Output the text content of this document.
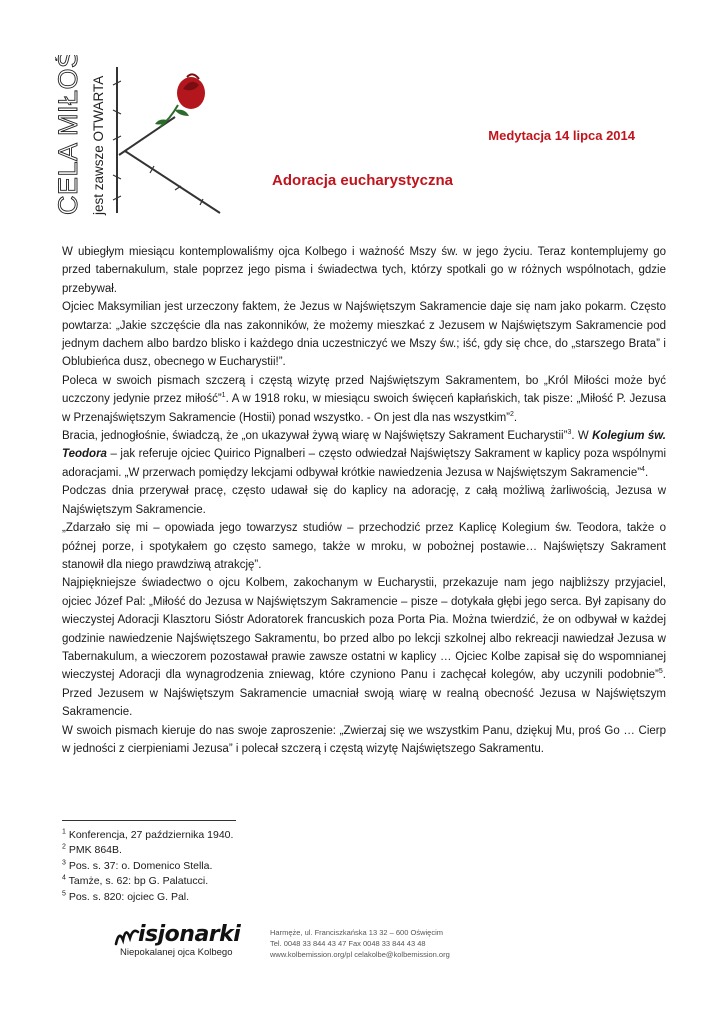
CELA MIŁOŚCI jest zawsze OTWARTA	Medytacja 14 lipca 2014
Adoracja eucharystyczna

W ubiegłym miesiącu kontemplowaliśmy ojca Kolbego i ważność Mszy św. w jego życiu. Teraz kontemplujemy go przed tabernakulum, stale poprzez jego pisma i świadectwa tych, którzy spotkali go w różnych wspólnotach, gdzie przebywał.

Ojciec Maksymilian jest urzeczony faktem, że Jezus w Najświętszym Sakramencie daje się nam jako pokarm. Często powtarza: „Jakie szczęście dla nas zakonników, że możemy mieszkać z Jezusem w Najświętszym Sakramencie pod jednym dachem albo bardzo blisko i każdego dnia uczestniczyć we Mszy św.; iść, gdy się chce, do „starszego Brata” i Oblubieńca dusz, obecnego w Eucharystii!”.

Poleca w swoich pismach szczerą i częstą wizytę przed Najświętszym Sakramentem, bo „Król Miłości może być uczczony jedynie przez miłość”$^1$. A w 1918 roku, w miesiącu swoich święceń kapłańskich, tak pisze: „Miłość P. Jezusa w Przenajświętszym Sakramencie (Hostii) ponad wszystko. - On jest dla nas wszystkim”$^2$.

Bracia, jednogłośnie, świadczą, że „on ukazywał żywą wiarę w Najświętszy Sakrament Eucharystii”$^3$. W Kolegium św. Teodora – jak referuje ojciec Quirico Pignalberi – często odwiedzał Najświętszy Sakrament w kaplicy poza wspólnymi adoracjami. „W przerwach pomiędzy lekcjami odbywał krótkie nawiedzenia Jezusa w Najświętszym Sakramencie”$^4$.

Podczas dnia przerywał pracę, często udawał się do kaplicy na adorację, z całą możliwą żarliwością, Jezusa w Najświętszym Sakramencie.

„Zdarzało się mi – opowiada jego towarzysz studiów – przechodzić przez Kaplicę Kolegium św. Teodora, także o późnej porze, i spotykałem go często samego, także w mroku, w pobożnej postawie… Najświętszy Sakrament stanowił dla niego prawdziwą atrakcję”.

Najpiękniejsze świadectwo o ojcu Kolbem, zakochanym w Eucharystii, przekazuje nam jego najbliższy przyjaciel, ojciec Józef Pal: „Miłość do Jezusa w Najświętszym Sakramencie – pisze – dotykała głębi jego serca. Był zapisany do wieczystej Adoracji Klasztoru Sióstr Adoratorek francuskich poza Porta Pia. Można twierdzić, że on odbywał w każdej godzinie nawiedzenie Najświętszego Sakramentu, bo przed albo po lekcji szkolnej albo rekreacji nawiedzał Jezusa w Tabernakulum, a wieczorem pozostawał prawie zawsze ostatni w kaplicy … Ojciec Kolbe zapisał się do wspomnianej wieczystej Adoracji dla wynagrodzenia zniewag, które czyniono Panu i zachęcał kolegów, aby uczynili podobnie”$^5$. Przed Jezusem w Najświętszym Sakramencie umacniał swoją wiarę w realną obecność Jezusa w Najświętszym Sakramencie.

W swoich pismach kieruje do nas swoje zaproszenie: „Zwierzaj się we wszystkim Panu, dziękuj Mu, proś Go … Cierp w jedności z cierpieniami Jezusa” i polecał szczerą i częstą wizytę Najświętszego Sakramentu.

$^1$ Konferencja, 27 października 1940.
$^2$ PMK 864B.
$^3$ Pos. s. 37: o. Domenico Stella.
$^4$ Tamże, s. 62: bp G. Palatucci.
$^5$ Pos. s. 820: ojciec G. Pal.
isjonarki
Niepokalanej ojca Kolbego
Harmęże, ul. Franciszkańska 13 32 – 600 Oświęcim
Tel. 0048 33 844 43 47 Fax 0048 33 844 43 48
www.kolbemission.org/pl celakolbe@kolbemission.org
